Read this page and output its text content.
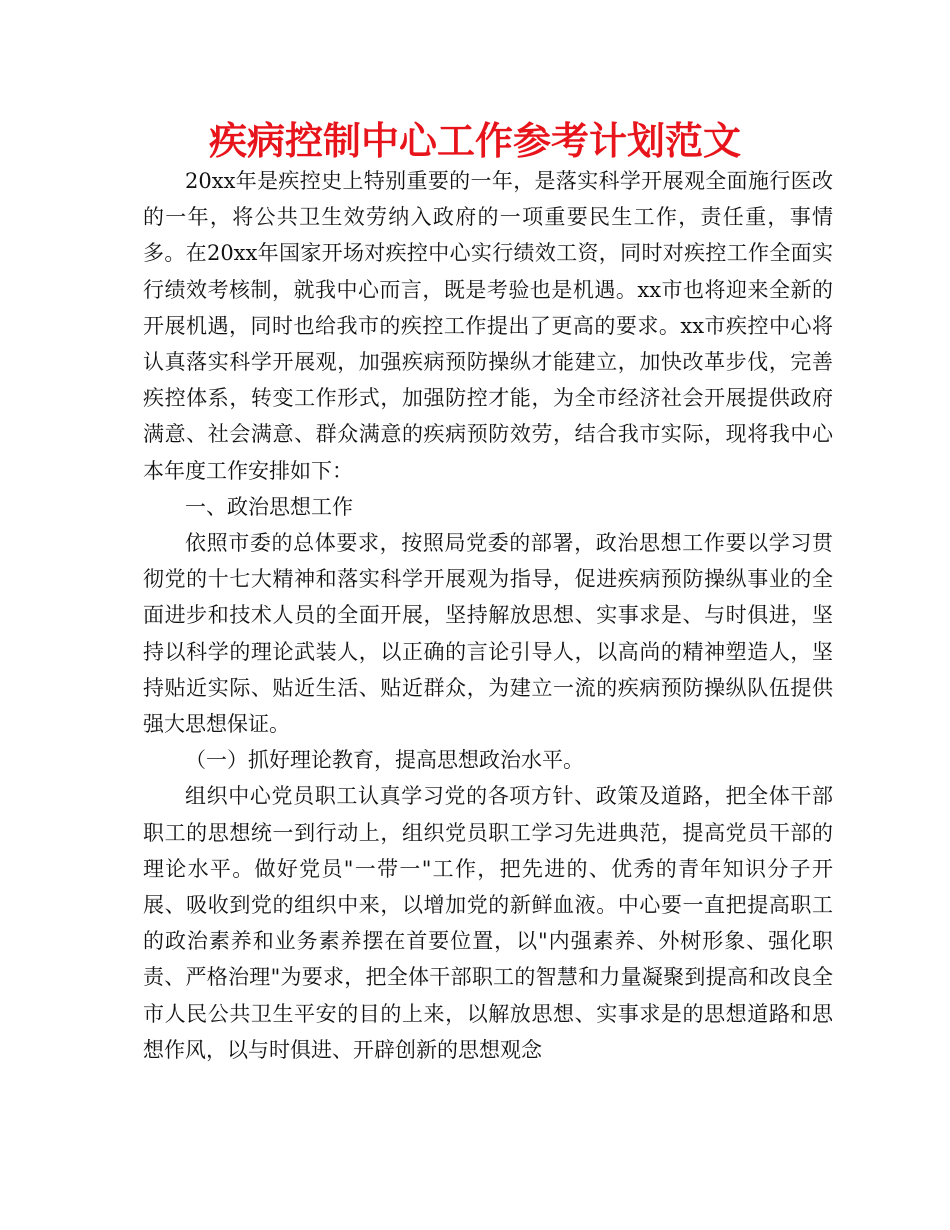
疾病控制中心工作参考计划范文

20xx年是疾控史上特别重要的一年，是落实科学开展观全面施行医改的一年，将公共卫生效劳纳入政府的一项重要民生工作，责任重，事情多。在20xx年国家开场对疾控中心实行绩效工资，同时对疾控工作全面实行绩效考核制，就我中心而言，既是考验也是机遇。xx市也将迎来全新的开展机遇，同时也给我市的疾控工作提出了更高的要求。xx市疾控中心将认真落实科学开展观，加强疾病预防操纵才能建立，加快改革步伐，完善疾控体系，转变工作形式，加强防控才能，为全市经济社会开展提供政府满意、社会满意、群众满意的疾病预防效劳，结合我市实际，现将我中心本年度工作安排如下：

一、政治思想工作

依照市委的总体要求，按照局党委的部署，政治思想工作要以学习贯彻党的十七大精神和落实科学开展观为指导，促进疾病预防操纵事业的全面进步和技术人员的全面开展，坚持解放思想、实事求是、与时俱进，坚持以科学的理论武装人，以正确的言论引导人，以高尚的精神塑造人，坚持贴近实际、贴近生活、贴近群众，为建立一流的疾病预防操纵队伍提供强大思想保证。

（一）抓好理论教育，提高思想政治水平。

组织中心党员职工认真学习党的各项方针、政策及道路，把全体干部职工的思想统一到行动上，组织党员职工学习先进典范，提高党员干部的理论水平。做好党员"一带一"工作，把先进的、优秀的青年知识分子开展、吸收到党的组织中来，以增加党的新鲜血液。中心要一直把提高职工的政治素养和业务素养摆在首要位置，以"内强素养、外树形象、强化职责、严格治理"为要求，把全体干部职工的智慧和力量凝聚到提高和改良全市人民公共卫生平安的目的上来，以解放思想、实事求是的思想道路和思想作风，以与时俱进、开辟创新的思想观念
